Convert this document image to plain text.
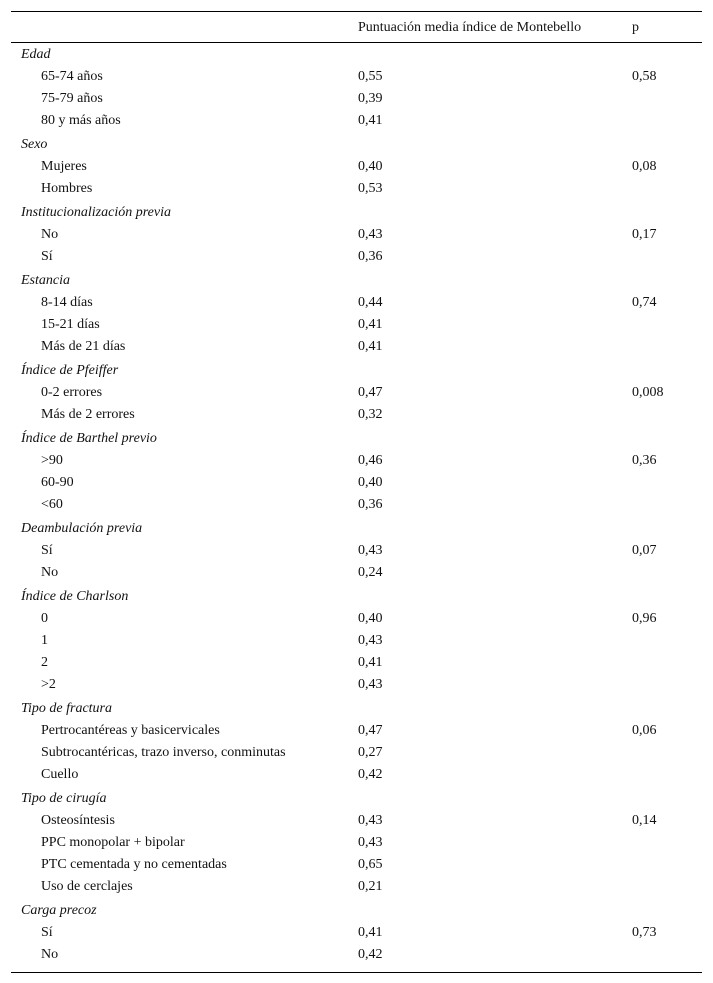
Puntuación media índice de Montebello	p
Edad
65-74 años	0,55	0,58
75-79 años	0,39
80 y más años	0,41
Sexo
Mujeres	0,40	0,08
Hombres	0,53
Institucionalización previa
No	0,43	0,17
Sí	0,36
Estancia
8-14 días	0,44	0,74
15-21 días	0,41
Más de 21 días	0,41
Índice de Pfeiffer
0-2 errores	0,47	0,008
Más de 2 errores	0,32
Índice de Barthel previo
>90	0,46	0,36
60-90	0,40
<60	0,36
Deambulación previa
Sí	0,43	0,07
No	0,24
Índice de Charlson
0	0,40	0,96
1	0,43
2	0,41
>2	0,43
Tipo de fractura
Pertrocantéreas y basicervicales	0,47	0,06
Subtrocantéricas, trazo inverso, conminutas	0,27
Cuello	0,42
Tipo de cirugía
Osteosíntesis	0,43	0,14
PPC monopolar + bipolar	0,43
PTC cementada y no cementadas	0,65
Uso de cerclajes	0,21
Carga precoz
Sí	0,41	0,73
No	0,42
